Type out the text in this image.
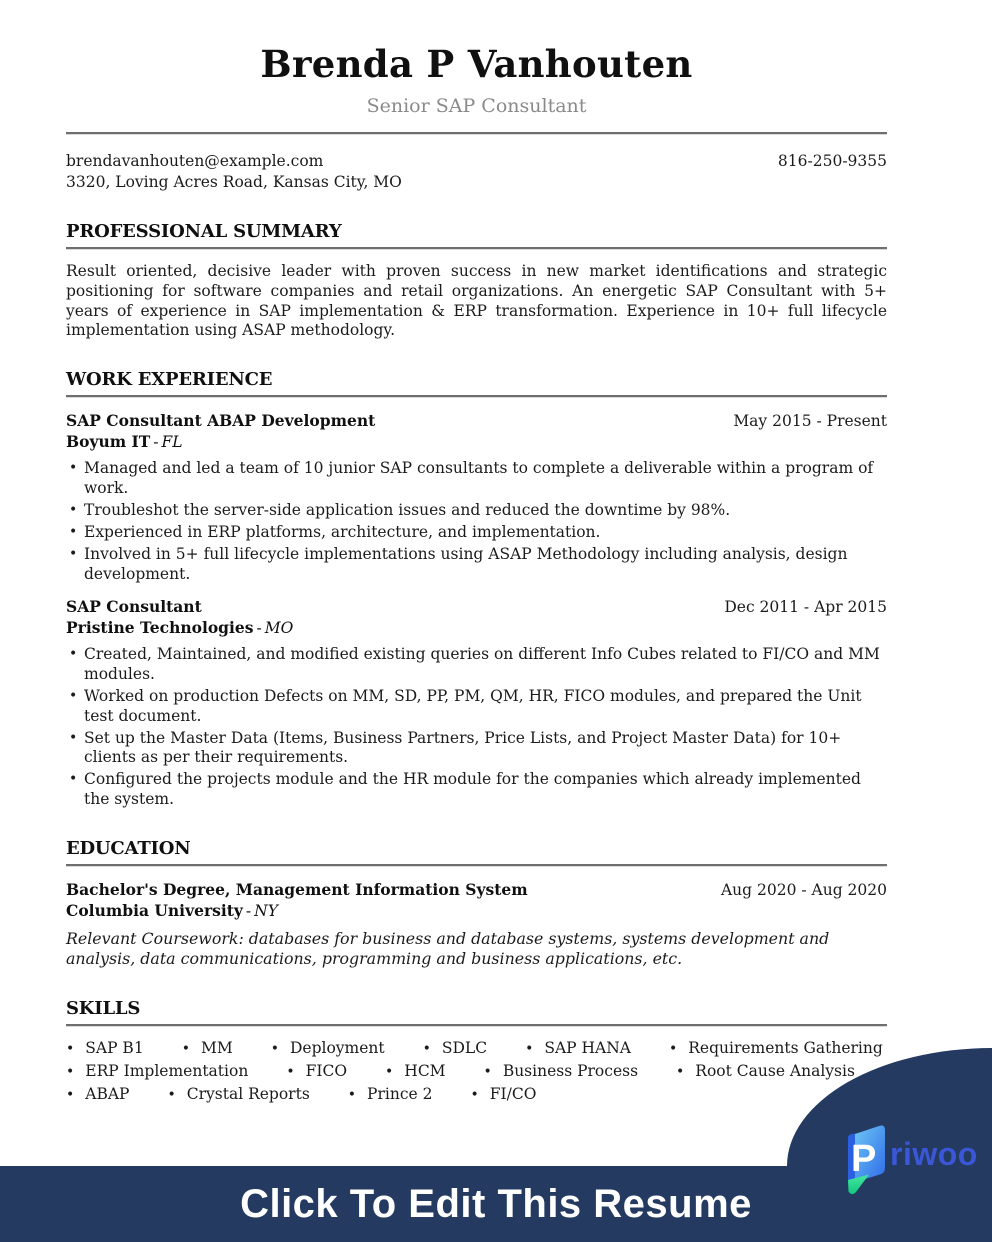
Brenda P Vanhouten
Senior SAP Consultant
brendavanhouten@example.com
3320, Loving Acres Road, Kansas City, MO
816-250-9355
PROFESSIONAL SUMMARY

Result oriented, decisive leader with proven success in new market identifications and strategic positioning for software companies and retail organizations. An energetic SAP Consultant with 5+ years of experience in SAP implementation & ERP transformation. Experience in 10+ full lifecycle implementation using ASAP methodology.

WORK EXPERIENCE
SAP Consultant ABAP Development	May 2015 - Present
Boyum IT - FL
• Managed and led a team of 10 junior SAP consultants to complete a deliverable within a program of work.
• Troubleshot the server-side application issues and reduced the downtime by 98%.
• Experienced in ERP platforms, architecture, and implementation.
• Involved in 5+ full lifecycle implementations using ASAP Methodology including analysis, design development.
SAP Consultant	Dec 2011 - Apr 2015
Pristine Technologies - MO
• Created, Maintained, and modified existing queries on different Info Cubes related to FI/CO and MM modules.
• Worked on production Defects on MM, SD, PP, PM, QM, HR, FICO modules, and prepared the Unit test document.
• Set up the Master Data (Items, Business Partners, Price Lists, and Project Master Data) for 10+ clients as per their requirements.
• Configured the projects module and the HR module for the companies which already implemented the system.
EDUCATION
Bachelor's Degree, Management Information System	Aug 2020 - Aug 2020
Columbia University - NY

Relevant Coursework: databases for business and database systems, systems development and analysis, data communications, programming and business applications, etc.

SKILLS
• SAP B1	• MM	• Deployment	• SDLC	• SAP HANA	• Requirements Gathering
• ERP Implementation	• FICO	• HCM	• Business Process	• Root Cause Analysis
• ABAP	• Crystal Reports	• Prince 2	• FI/CO
Click To Edit This Resume
P riwoo
